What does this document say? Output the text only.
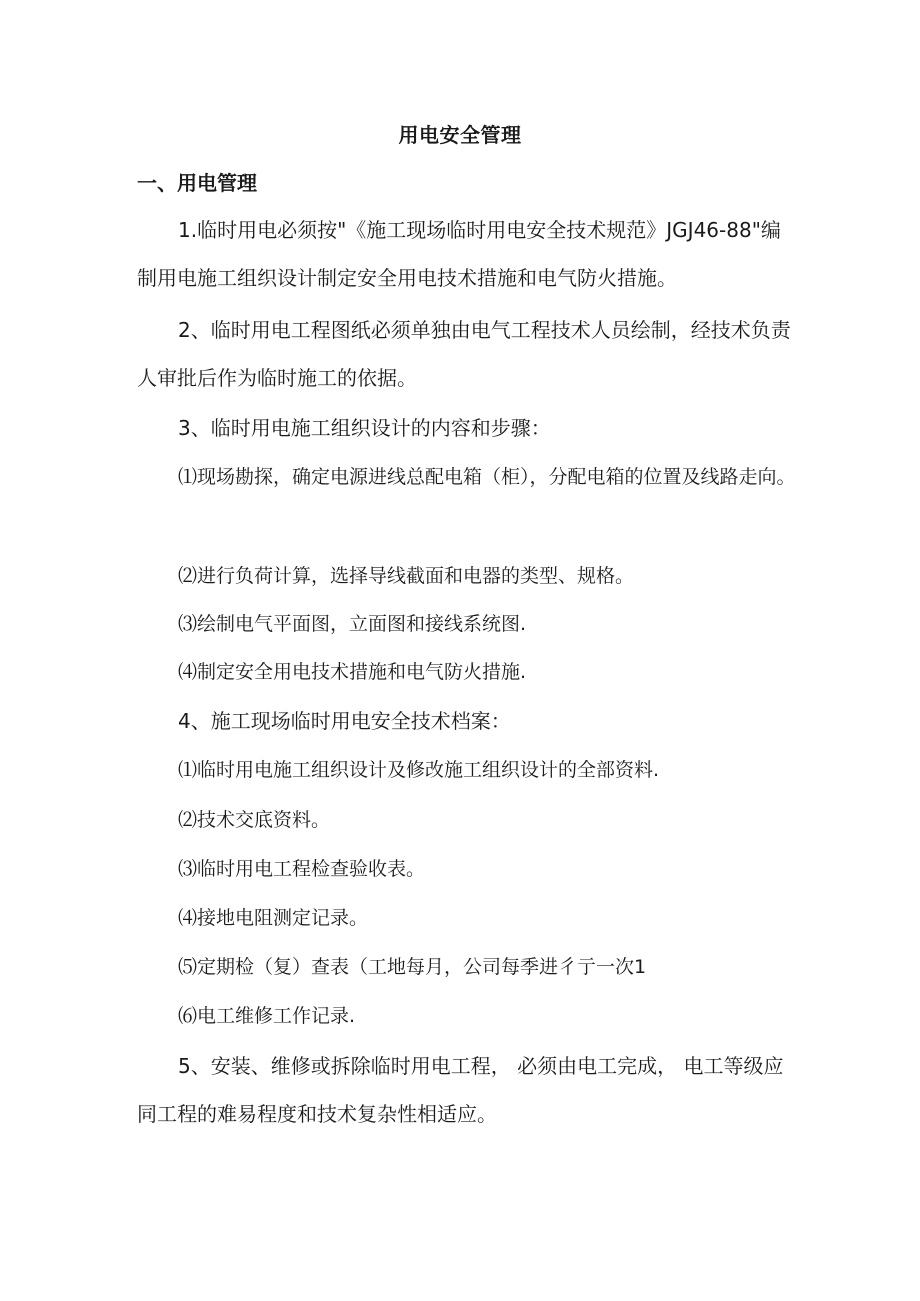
用电安全管理
一、用电管理

1.临时用电必须按"《施工现场临时用电安全技术规范》JGJ46-88"编制用电施工组织设计制定安全用电技术措施和电气防火措施。

2、临时用电工程图纸必须单独由电气工程技术人员绘制，经技术负责人审批后作为临时施工的依据。

3、临时用电施工组织设计的内容和步骤：

⑴现场勘探，确定电源进线总配电箱（柜），分配电箱的位置及线路走向。

⑵进行负荷计算，选择导线截面和电器的类型、规格。

⑶绘制电气平面图，立面图和接线系统图.

⑷制定安全用电技术措施和电气防火措施.

4、施工现场临时用电安全技术档案：

⑴临时用电施工组织设计及修改施工组织设计的全部资料.

⑵技术交底资料。

⑶临时用电工程检查验收表。

⑷接地电阻测定记录。

⑸定期检（复）查表（工地每月，公司每季进彳亍一次1

⑹电工维修工作记录.

5、安装、维修或拆除临时用电工程， 必须由电工完成， 电工等级应同工程的难易程度和技术复杂性相适应。
